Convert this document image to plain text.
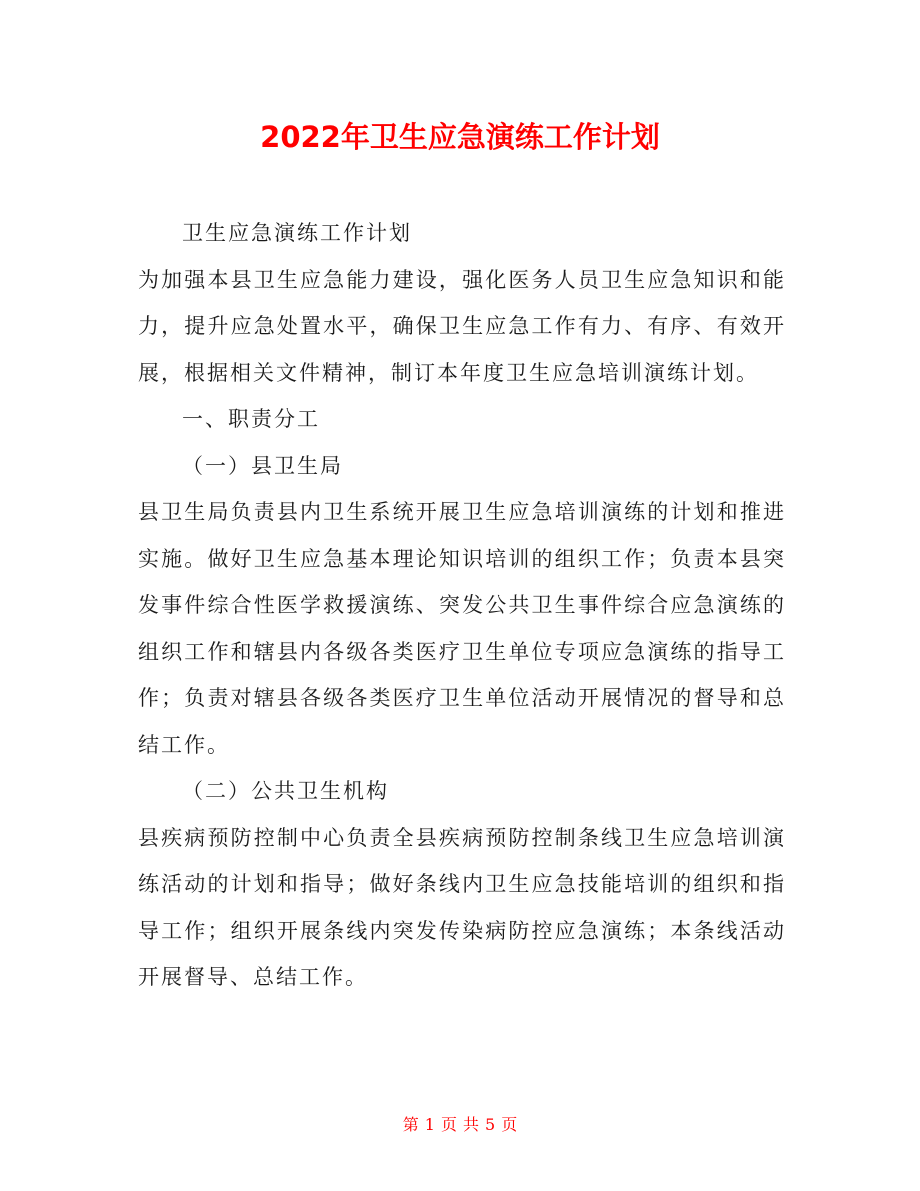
2022年卫生应急演练工作计划

卫生应急演练工作计划

为加强本县卫生应急能力建设，强化医务人员卫生应急知识和能力，提升应急处置水平，确保卫生应急工作有力、有序、有效开展，根据相关文件精神，制订本年度卫生应急培训演练计划。

一、职责分工

（一）县卫生局

县卫生局负责县内卫生系统开展卫生应急培训演练的计划和推进实施。做好卫生应急基本理论知识培训的组织工作；负责本县突发事件综合性医学救援演练、突发公共卫生事件综合应急演练的组织工作和辖县内各级各类医疗卫生单位专项应急演练的指导工作；负责对辖县各级各类医疗卫生单位活动开展情况的督导和总结工作。

（二）公共卫生机构

县疾病预防控制中心负责全县疾病预防控制条线卫生应急培训演练活动的计划和指导；做好条线内卫生应急技能培训的组织和指导工作；组织开展条线内突发传染病防控应急演练；本条线活动开展督导、总结工作。

第 1 页 共 5 页
